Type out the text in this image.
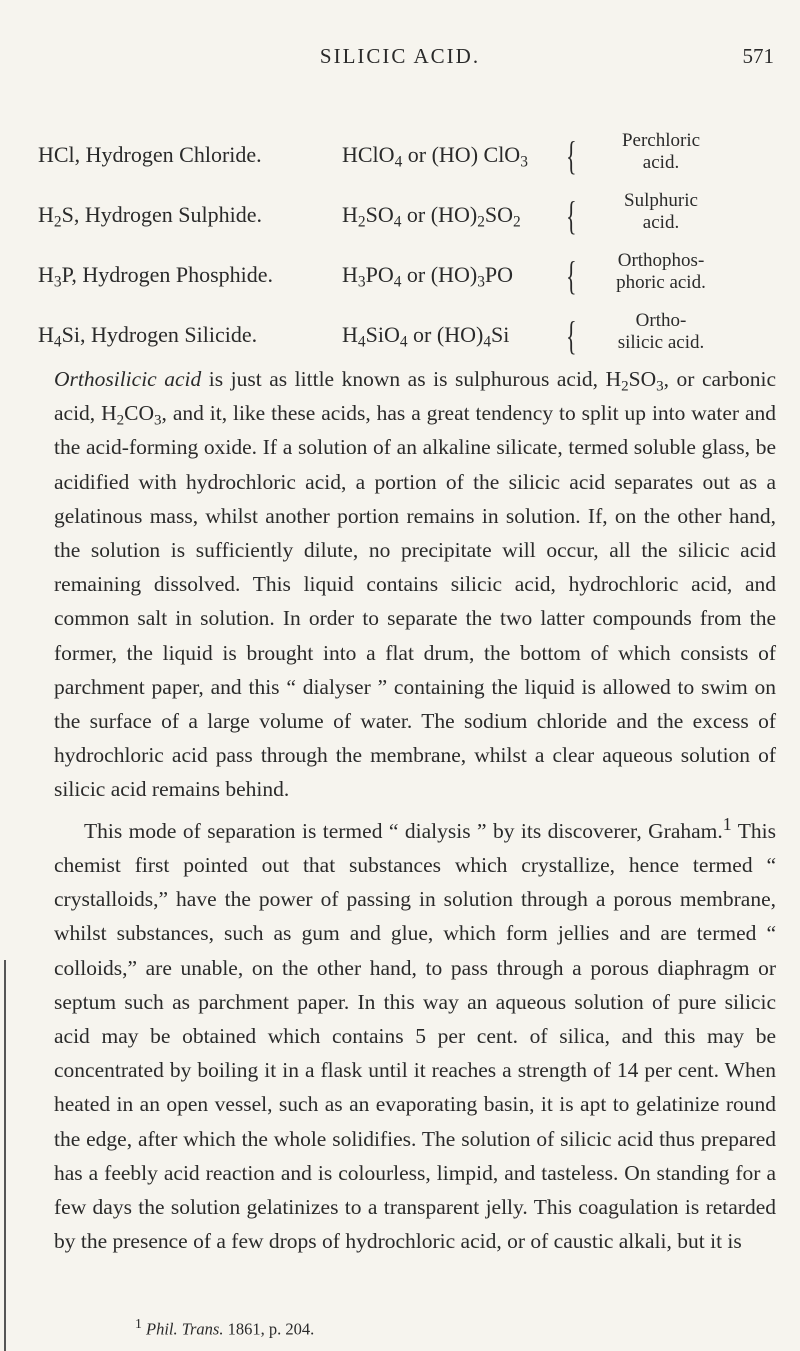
SILICIC ACID.	571
HCl, Hydrogen Chloride.	HClO$_4$ or (HO) ClO$_3$ {	Perchloric
acid.
$H_2S$, Hydrogen Sulphide.	$H_2SO_4$ or $(HO)_2SO_2$ {	Sulphuric
acid.
$H_3P$, Hydrogen Phosphide.	$H_3PO_4$ or $(HO)_3PO$ {	Orthophos-
phoric acid.
$H_4Si$, Hydrogen Silicide.	$H_4SiO_4$ or $(HO)_4Si$ {	Ortho-
silicic acid.

Orthosilicic acid is just as little known as is sulphurous acid, $H_2SO_3$, or carbonic acid, $H_2CO_3$, and it, like these acids, has a great tendency to split up into water and the acid-forming oxide. If a solution of an alkaline silicate, termed soluble glass, be acidified with hydrochloric acid, a portion of the silicic acid separates out as a gelatinous mass, whilst another portion remains in solution. If, on the other hand, the solution is sufficiently dilute, no precipitate will occur, all the silicic acid remaining dissolved. This liquid contains silicic acid, hydrochloric acid, and common salt in solution. In order to separate the two latter compounds from the former, the liquid is brought into a flat drum, the bottom of which consists of parchment paper, and this “ dialyser ” containing the liquid is allowed to swim on the surface of a large volume of water. The sodium chloride and the excess of hydrochloric acid pass through the membrane, whilst a clear aqueous solution of silicic acid remains behind.

This mode of separation is termed “ dialysis ” by its discoverer, Graham.$^1$ This chemist first pointed out that substances which crystallize, hence termed “ crystalloids,” have the power of passing in solution through a porous membrane, whilst substances, such as gum and glue, which form jellies and are termed “ colloids,” are unable, on the other hand, to pass through a porous diaphragm or septum such as parchment paper. In this way an aqueous solution of pure silicic acid may be obtained which contains 5 per cent. of silica, and this may be concentrated by boiling it in a flask until it reaches a strength of 14 per cent. When heated in an open vessel, such as an evaporating basin, it is apt to gelatinize round the edge, after which the whole solidifies. The solution of silicic acid thus prepared has a feebly acid reaction and is colourless, limpid, and tasteless. On standing for a few days the solution gelatinizes to a transparent jelly. This coagulation is retarded by the presence of a few drops of hydrochloric acid, or of caustic alkali, but it is

$^1$ Phil. Trans. 1861, p. 204.
